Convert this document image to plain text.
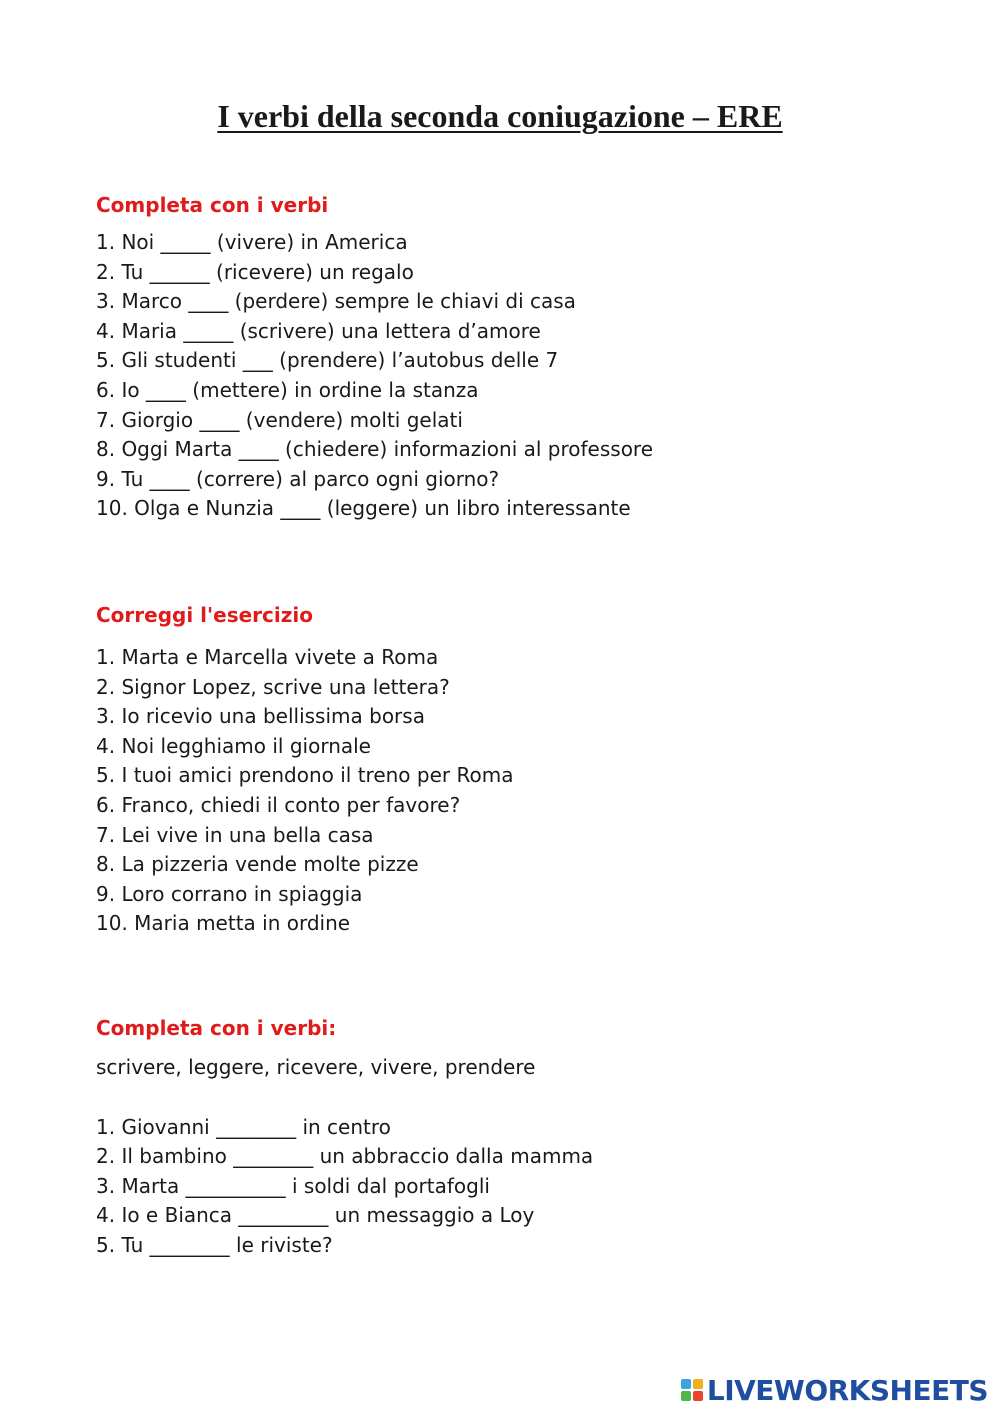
I verbi della seconda coniugazione – ERE

Completa con i verbi

1. Noi _____ (vivere) in America

2. Tu ______ (ricevere) un regalo

3. Marco ____ (perdere) sempre le chiavi di casa

4. Maria _____ (scrivere) una lettera d’amore

5. Gli studenti ___ (prendere) l’autobus delle 7

6. Io ____ (mettere) in ordine la stanza

7. Giorgio ____ (vendere) molti gelati

8. Oggi Marta ____ (chiedere) informazioni al professore

9. Tu ____ (correre) al parco ogni giorno?

10. Olga e Nunzia ____ (leggere) un libro interessante

Correggi l'esercizio

1. Marta e Marcella vivete a Roma

2. Signor Lopez, scrive una lettera?

3. Io ricevio una bellissima borsa

4. Noi legghiamo il giornale

5. I tuoi amici prendono il treno per Roma

6. Franco, chiedi il conto per favore?

7. Lei vive in una bella casa

8. La pizzeria vende molte pizze

9. Loro corrano in spiaggia

10. Maria metta in ordine

Completa con i verbi:

scrivere, leggere, ricevere, vivere, prendere

1. Giovanni ________ in centro

2. Il bambino ________ un abbraccio dalla mamma

3. Marta __________ i soldi dal portafogli

4. Io e Bianca _________ un messaggio a Loy

5. Tu ________ le riviste?

LIVEWORKSHEETS
